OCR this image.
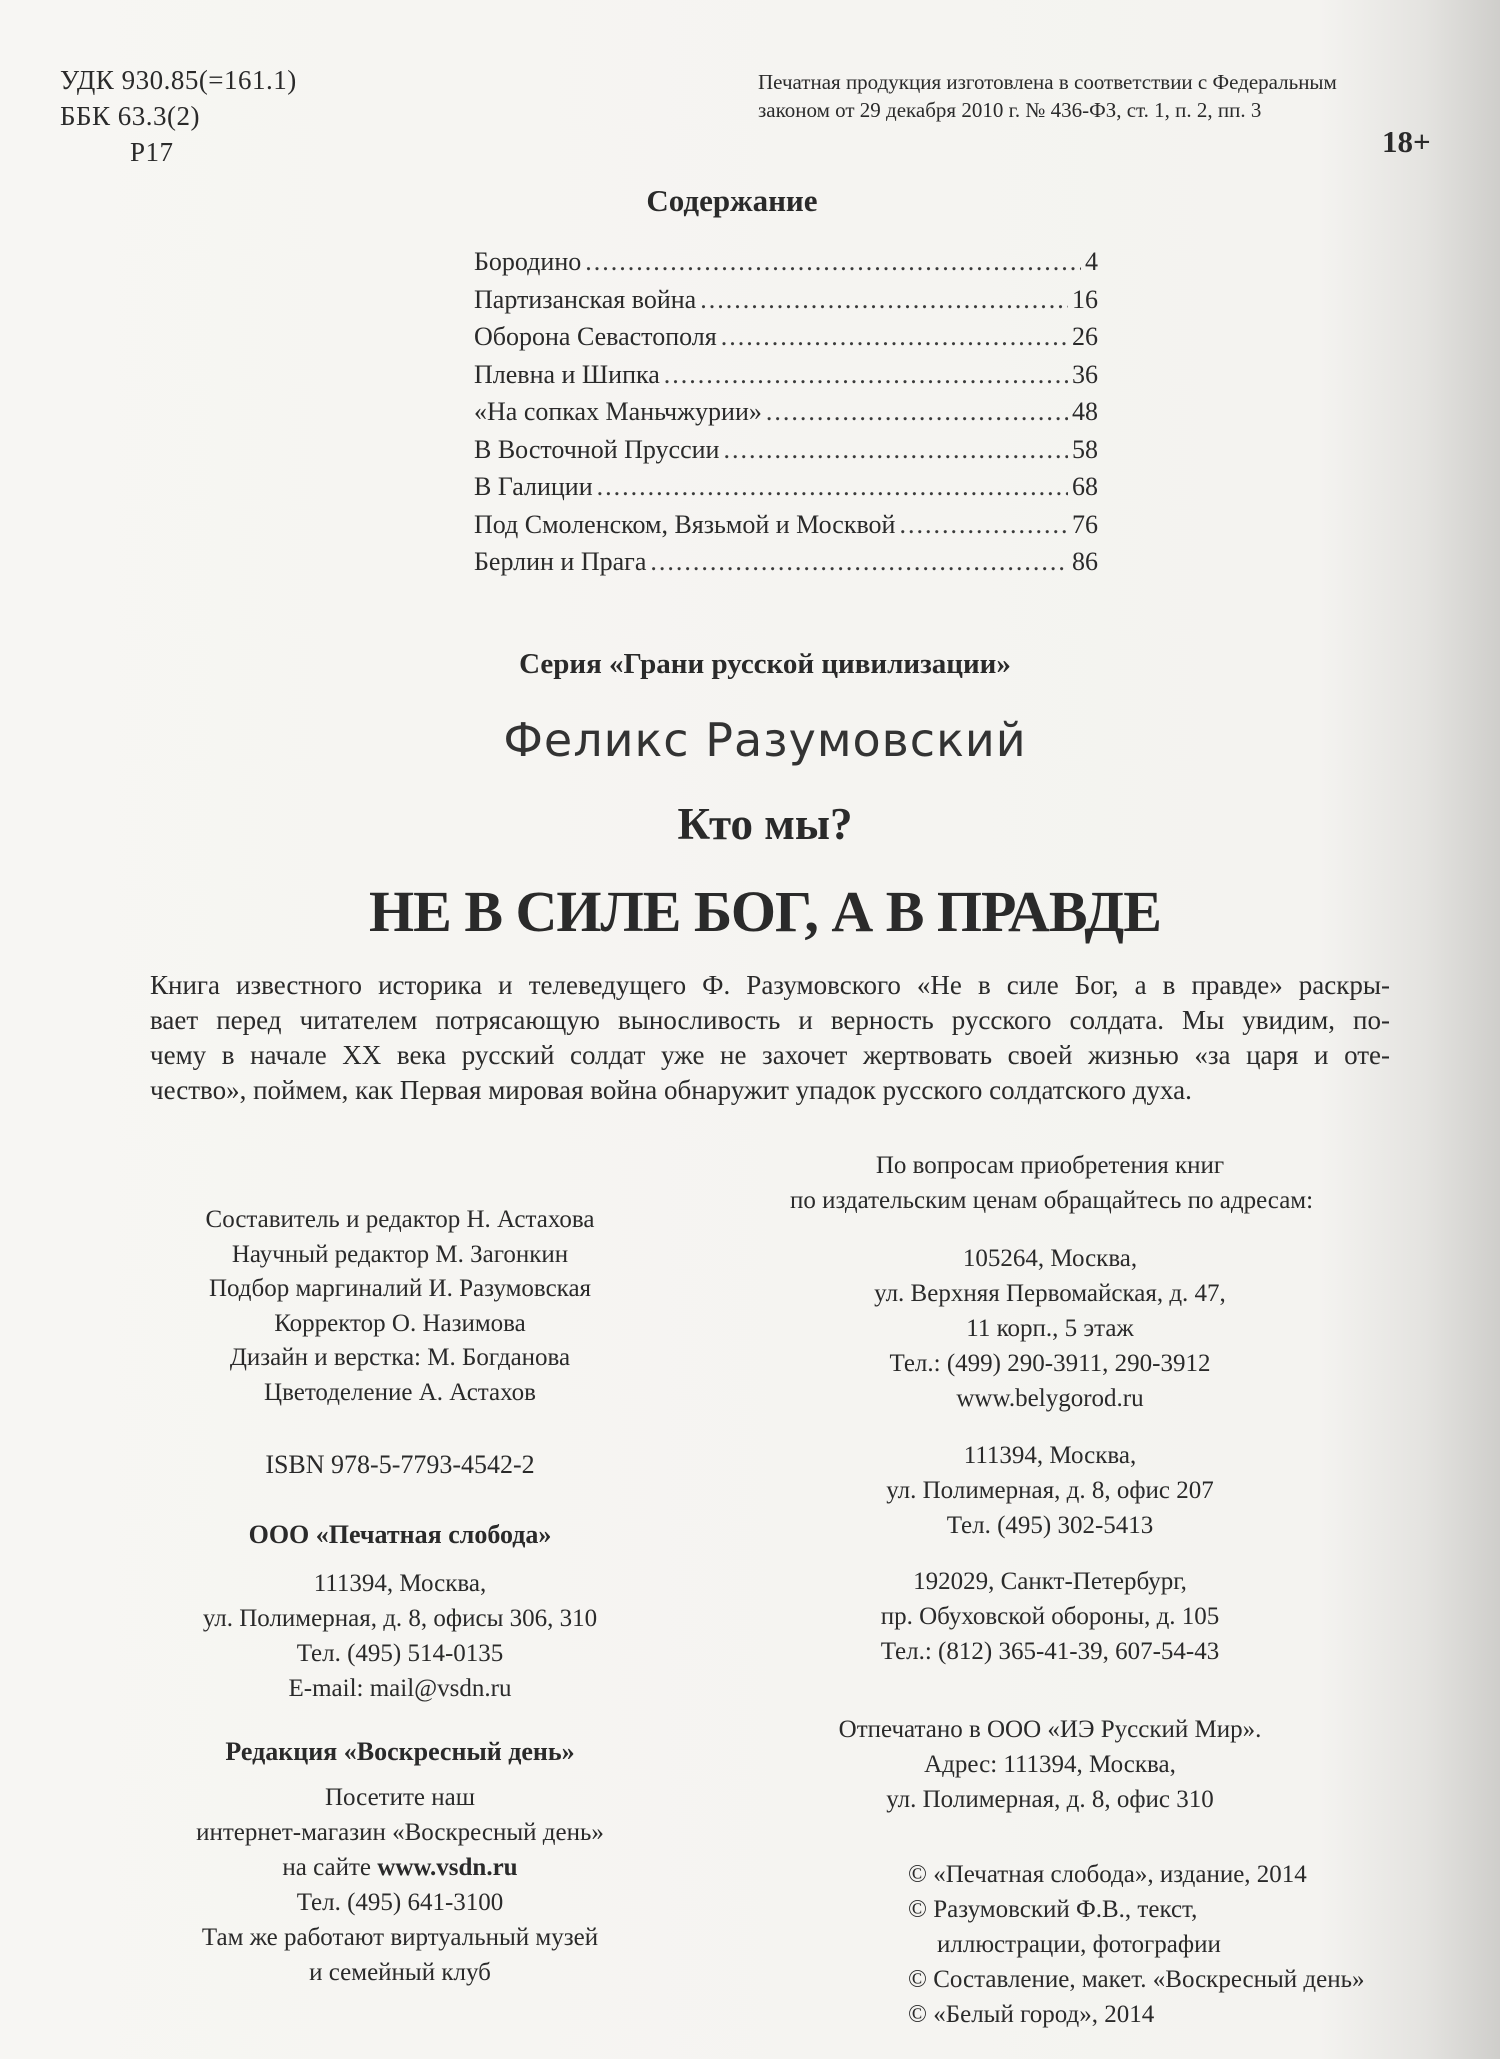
УДК 930.85(=161.1)
ББК 63.3(2)
Р17
Печатная продукция изготовлена в соответствии с Федеральным
законом от 29 декабря 2010 г. № 436-ФЗ, ст. 1, п. 2, пп. 3
18+
Содержание
Бородино .....	4
Партизанская война .....	16
Оборона Севастополя .....	26
Плевна и Шипка .....	36
«На сопках Маньчжурии» .....	48
В Восточной Пруссии .....	58
В Галиции .....	68
Под Смоленском, Вязьмой и Москвой .....	76
Берлин и Прага .....	86
Серия «Грани русской цивилизации»
Феликс Разумовский
Кто мы?
НЕ В СИЛЕ БОГ, А В ПРАВДЕ
Книга известного историка и телеведущего Ф. Разумовского «Не в силе Бог, а в правде» раскры-
вает перед читателем потрясающую выносливость и верность русского солдата. Мы увидим, по-
чему в начале XX века русский солдат уже не захочет жертвовать своей жизнью «за царя и оте-
чество», поймем, как Первая мировая война обнаружит упадок русского солдатского духа.
Составитель и редактор Н. Астахова
Научный редактор М. Загонкин
Подбор маргиналий И. Разумовская
Корректор О. Назимова
Дизайн и верстка: М. Богданова
Цветоделение А. Астахов
ISBN 978-5-7793-4542-2
ООО «Печатная слобода»
111394, Москва,
ул. Полимерная, д. 8, офисы 306, 310
Тел. (495) 514-0135
E-mail: mail@vsdn.ru
Редакция «Воскресный день»
Посетите наш
интернет-магазин «Воскресный день»
на сайте www.vsdn.ru
Тел. (495) 641-3100
Там же работают виртуальный музей
и семейный клуб
По вопросам приобретения книг
по издательским ценам обращайтесь по адресам:
105264, Москва,
ул. Верхняя Первомайская, д. 47,
11 корп., 5 этаж
Тел.: (499) 290-3911, 290-3912
www.belygorod.ru
111394, Москва,
ул. Полимерная, д. 8, офис 207
Тел. (495) 302-5413
192029, Санкт-Петербург,
пр. Обуховской обороны, д. 105
Тел.: (812) 365-41-39, 607-54-43
Отпечатано в ООО «ИЭ Русский Мир».
Адрес: 111394, Москва,
ул. Полимерная, д. 8, офис 310
© «Печатная слобода», издание, 2014
© Разумовский Ф.В., текст,
иллюстрации, фотографии
© Составление, макет. «Воскресный день»
© «Белый город», 2014
